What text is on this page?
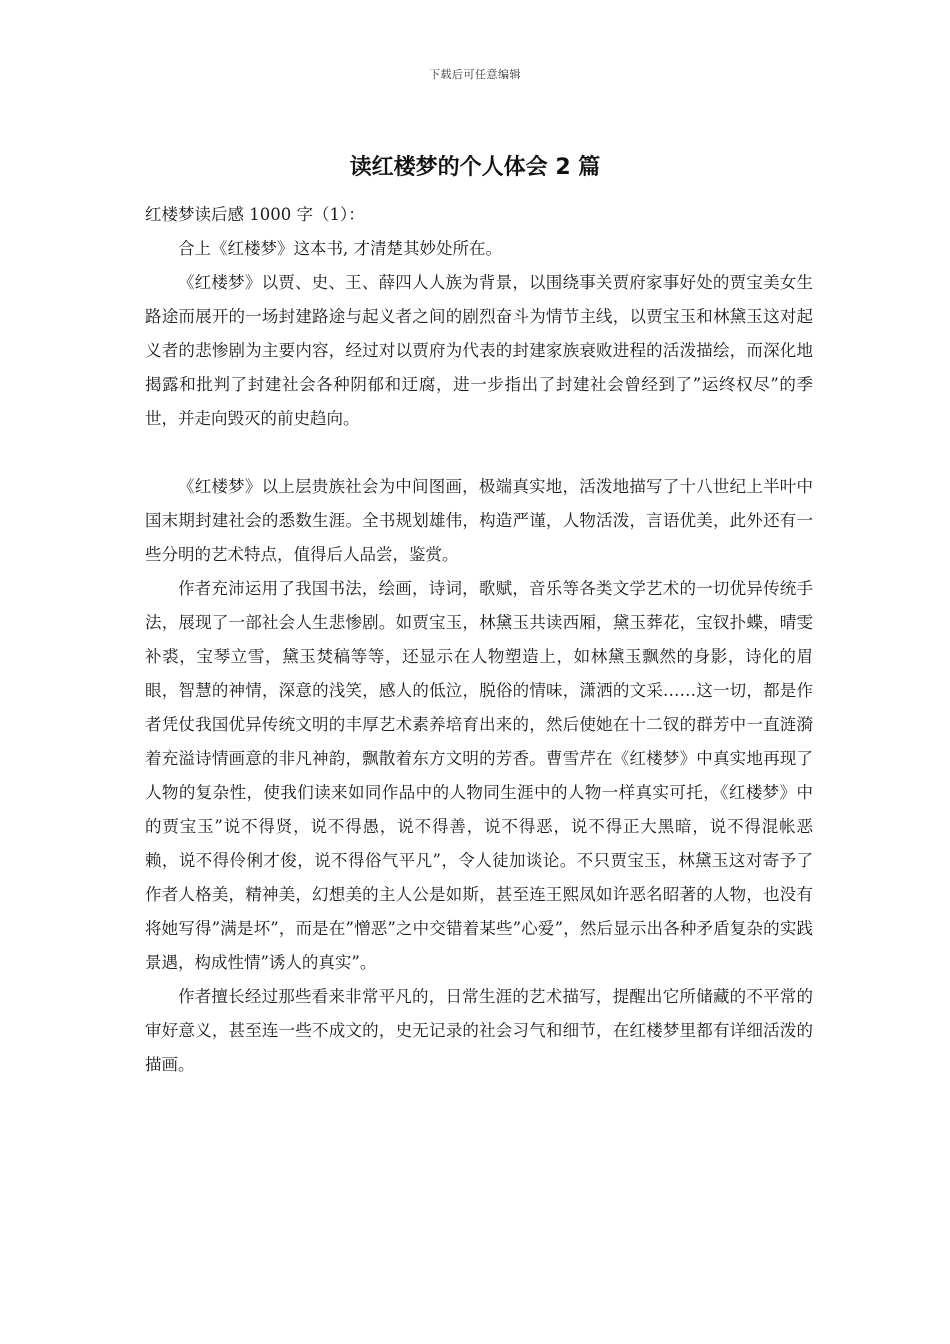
下载后可任意编辑
读红楼梦的个人体会 2 篇

红楼梦读后感 1000 字（1）：

合上《红楼梦》这本书, 才清楚其妙处所在。

《红楼梦》以贾、史、王、薛四人人族为背景，以围绕事关贾府家事好处的贾宝美女生路途而展开的一场封建路途与起义者之间的剧烈奋斗为情节主线，以贾宝玉和林黛玉这对起义者的悲惨剧为主要内容，经过对以贾府为代表的封建家族衰败进程的活泼描绘，而深化地揭露和批判了封建社会各种阴郁和迂腐，进一步指出了封建社会曾经到了”运终权尽”的季世，并走向毁灭的前史趋向。

《红楼梦》以上层贵族社会为中间图画，极端真实地，活泼地描写了十八世纪上半叶中国末期封建社会的悉数生涯。全书规划雄伟，构造严谨，人物活泼，言语优美，此外还有一些分明的艺术特点，值得后人品尝，鉴赏。

作者充沛运用了我国书法，绘画，诗词，歌赋，音乐等各类文学艺术的一切优异传统手法，展现了一部社会人生悲惨剧。如贾宝玉，林黛玉共读西厢，黛玉葬花，宝钗扑蝶，晴雯补裘，宝琴立雪，黛玉焚稿等等，还显示在人物塑造上，如林黛玉飘然的身影，诗化的眉眼，智慧的神情，深意的浅笑，感人的低泣，脱俗的情味，潇洒的文采……这一切，都是作者凭仗我国优异传统文明的丰厚艺术素养培育出来的，然后使她在十二钗的群芳中一直涟漪着充溢诗情画意的非凡神韵，飘散着东方文明的芳香。曹雪芹在《红楼梦》中真实地再现了人物的复杂性，使我们读来如同作品中的人物同生涯中的人物一样真实可托，《红楼梦》中的贾宝玉”说不得贤，说不得愚，说不得善，说不得恶，说不得正大黑暗，说不得混帐恶赖，说不得伶俐才俊，说不得俗气平凡”，令人徒加谈论。不只贾宝玉，林黛玉这对寄予了作者人格美，精神美，幻想美的主人公是如斯，甚至连王熙凤如许恶名昭著的人物，也没有将她写得”满是坏”，而是在”憎恶”之中交错着某些”心爱”，然后显示出各种矛盾复杂的实践景遇，构成性情”诱人的真实”。

作者擅长经过那些看来非常平凡的，日常生涯的艺术描写，提醒出它所储藏的不平常的审好意义，甚至连一些不成文的，史无记录的社会习气和细节，在红楼梦里都有详细活泼的描画。
